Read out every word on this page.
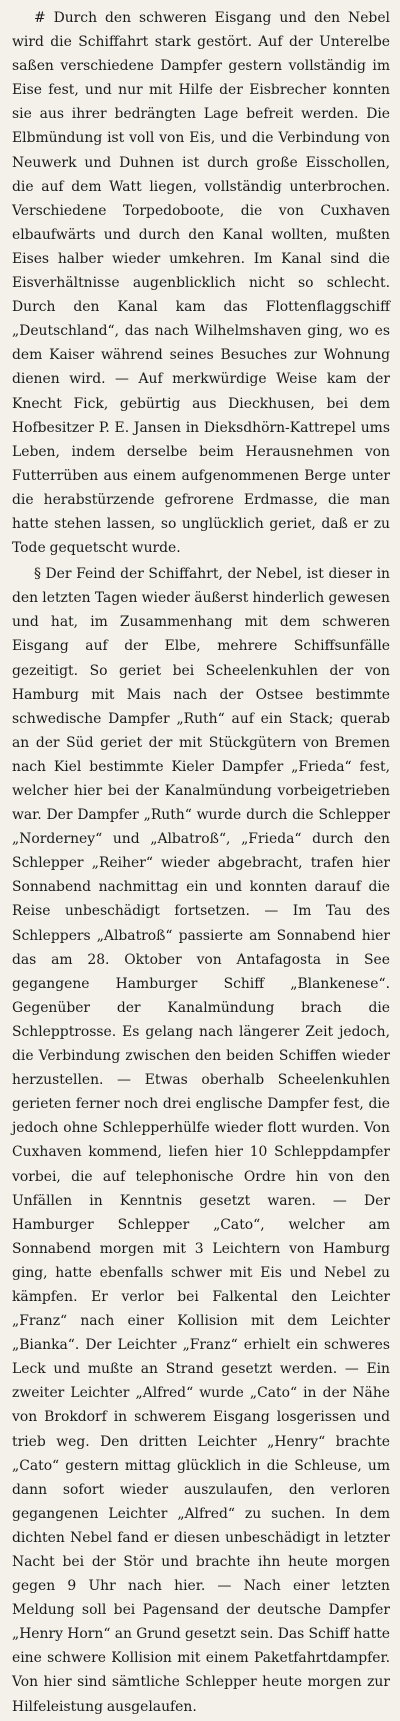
# Durch den schweren Eisgang und den Nebel wird die Schiffahrt stark gestört. Auf der Unterelbe saßen verschiedene Dampfer gestern vollständig im Eise fest, und nur mit Hilfe der Eisbrecher konnten sie aus ihrer bedrängten Lage befreit werden. Die Elbmündung ist voll von Eis, und die Verbindung von Neuwerk und Duhnen ist durch große Eisschollen, die auf dem Watt liegen, vollständig unterbrochen. Verschiedene Torpedoboote, die von Cuxhaven elbaufwärts und durch den Kanal wollten, mußten Eises halber wieder umkehren. Im Kanal sind die Eisverhältnisse augenblicklich nicht so schlecht. Durch den Kanal kam das Flottenflaggschiff „Deutschland“, das nach Wilhelmshaven ging, wo es dem Kaiser während seines Besuches zur Wohnung dienen wird. — Auf merkwürdige Weise kam der Knecht Fick, gebürtig aus Dieckhusen, bei dem Hofbesitzer P. E. Jansen in Dieksdhörn-Kattrepel ums Leben, indem derselbe beim Herausnehmen von Futterrüben aus einem aufgenommenen Berge unter die herabstürzende gefrorene Erdmasse, die man hatte stehen lassen, so unglücklich geriet, daß er zu Tode gequetscht wurde.

§ Der Feind der Schiffahrt, der Nebel, ist dieser in den letzten Tagen wieder äußerst hinderlich gewesen und hat, im Zusammenhang mit dem schweren Eisgang auf der Elbe, mehrere Schiffsunfälle gezeitigt. So geriet bei Scheelenkuhlen der von Hamburg mit Mais nach der Ostsee bestimmte schwedische Dampfer „Ruth“ auf ein Stack; querab an der Süd geriet der mit Stückgütern von Bremen nach Kiel bestimmte Kieler Dampfer „Frieda“ fest, welcher hier bei der Kanalmündung vorbeigetrieben war. Der Dampfer „Ruth“ wurde durch die Schlepper „Norderney“ und „Albatroß“, „Frieda“ durch den Schlepper „Reiher“ wieder abgebracht, trafen hier Sonnabend nachmittag ein und konnten darauf die Reise unbeschädigt fortsetzen. — Im Tau des Schleppers „Albatroß“ passierte am Sonnabend hier das am 28. Oktober von Antafagosta in See gegangene Hamburger Schiff „Blankenese“. Gegenüber der Kanalmündung brach die Schlepptrosse. Es gelang nach längerer Zeit jedoch, die Verbindung zwischen den beiden Schiffen wieder herzustellen. — Etwas oberhalb Scheelenkuhlen gerieten ferner noch drei englische Dampfer fest, die jedoch ohne Schlepperhülfe wieder flott wurden. Von Cuxhaven kommend, liefen hier 10 Schleppdampfer vorbei, die auf telephonische Ordre hin von den Unfällen in Kenntnis gesetzt waren. — Der Hamburger Schlepper „Cato“, welcher am Sonnabend morgen mit 3 Leichtern von Hamburg ging, hatte ebenfalls schwer mit Eis und Nebel zu kämpfen. Er verlor bei Falkental den Leichter „Franz“ nach einer Kollision mit dem Leichter „Bianka“. Der Leichter „Franz“ erhielt ein schweres Leck und mußte an Strand gesetzt werden. — Ein zweiter Leichter „Alfred“ wurde „Cato“ in der Nähe von Brokdorf in schwerem Eisgang losgerissen und trieb weg. Den dritten Leichter „Henry“ brachte „Cato“ gestern mittag glücklich in die Schleuse, um dann sofort wieder auszulaufen, den verloren gegangenen Leichter „Alfred“ zu suchen. In dem dichten Nebel fand er diesen unbeschädigt in letzter Nacht bei der Stör und brachte ihn heute morgen gegen 9 Uhr nach hier. — Nach einer letzten Meldung soll bei Pagensand der deutsche Dampfer „Henry Horn“ an Grund gesetzt sein. Das Schiff hatte eine schwere Kollision mit einem Paketfahrtdampfer. Von hier sind sämtliche Schlepper heute morgen zur Hilfeleistung ausgelaufen.
